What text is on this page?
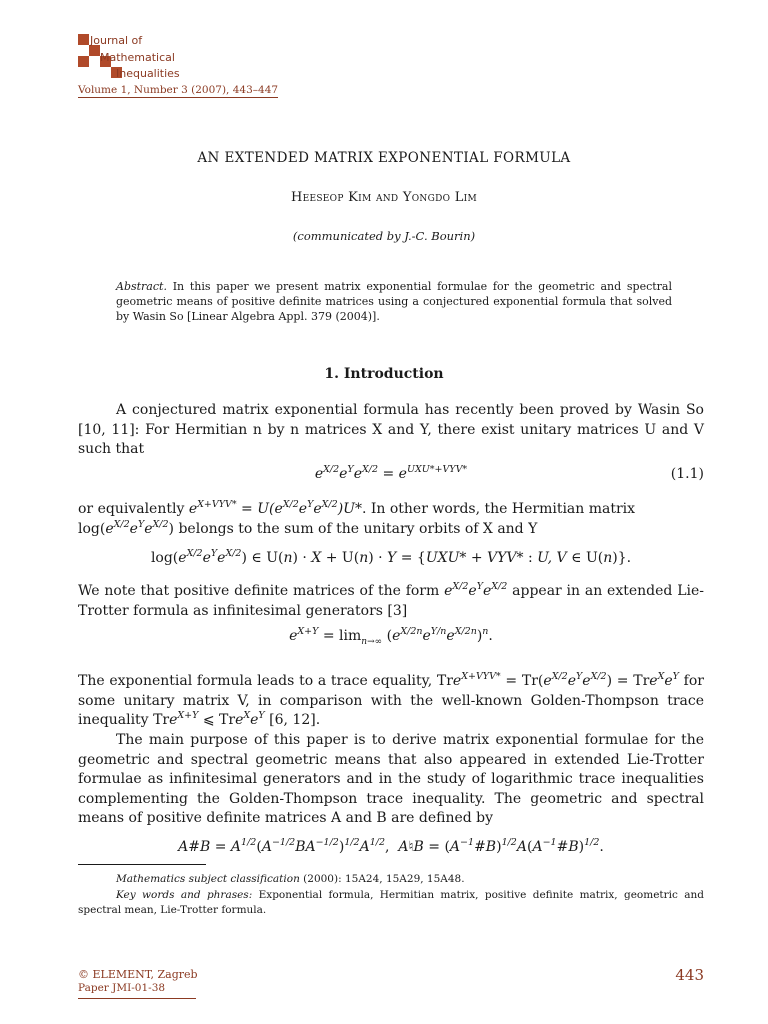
Journal of
Mathematical
Inequalities
Volume 1, Number 3 (2007), 443–447
AN EXTENDED MATRIX EXPONENTIAL FORMULA
Heeseop Kim and Yongdo Lim
(communicated by J.-C. Bourin)
Abstract. In this paper we present matrix exponential formulae for the geometric and spectral geometric means of positive definite matrices using a conjectured exponential formula that solved by Wasin So [Linear Algebra Appl. 379 (2004)].
1. Introduction
A conjectured matrix exponential formula has recently been proved by Wasin So [10, 11]: For Hermitian n by n matrices X and Y, there exist unitary matrices U and V such that
$e^{X/2}e^Ye^{X/2} = e^{UXU*+VYV*}$	(1.1)
or equivalently $e^{X+VYV*} = U(e^{X/2}e^Ye^{X/2})U*$. In other words, the Hermitian matrix
$\log(e^{X/2}e^Ye^{X/2})$ belongs to the sum of the unitary orbits of X and Y
$\log(e^{X/2}e^Ye^{X/2})$ ∈ U(n) · X + U(n) · Y = {UXU* + VYV* : U, V ∈ U(n)}.
We note that positive definite matrices of the form $e^{X/2}e^Ye^{X/2}$ appear in an extended Lie-Trotter formula as infinitesimal generators [3]
$e^{X+Y} = \lim_{n\to\infty} (e^{X/2n}e^{Y/n}e^{X/2n})^n$.
The exponential formula leads to a trace equality, $Tre^{X+VYV*} = Tr(e^{X/2}e^Ye^{X/2}) = Tre^Xe^Y$ for some unitary matrix V, in comparison with the well-known Golden-Thompson trace inequality Tre$^{X+Y}$ ⩽ $Tre^Xe^Y$ [6, 12].
The main purpose of this paper is to derive matrix exponential formulae for the geometric and spectral geometric means that also appeared in extended Lie-Trotter formulae as infinitesimal generators and in the study of logarithmic trace inequalities complementing the Golden-Thompson trace inequality. The geometric and spectral means of positive definite matrices A and B are defined by
A#B = $A^{1/2}(A^{-1/2}BA^{-1/2})^{1/2}A^{1/2}$,  A♮B = $(A^{-1}\#B)^{1/2}A(A^{-1}\#B)^{1/2}$.
Mathematics subject classification (2000): 15A24, 15A29, 15A48.
Key words and phrases: Exponential formula, Hermitian matrix, positive definite matrix, geometric and spectral mean, Lie-Trotter formula.
© ELEMENT, Zagreb
Paper JMI-01-38
443
